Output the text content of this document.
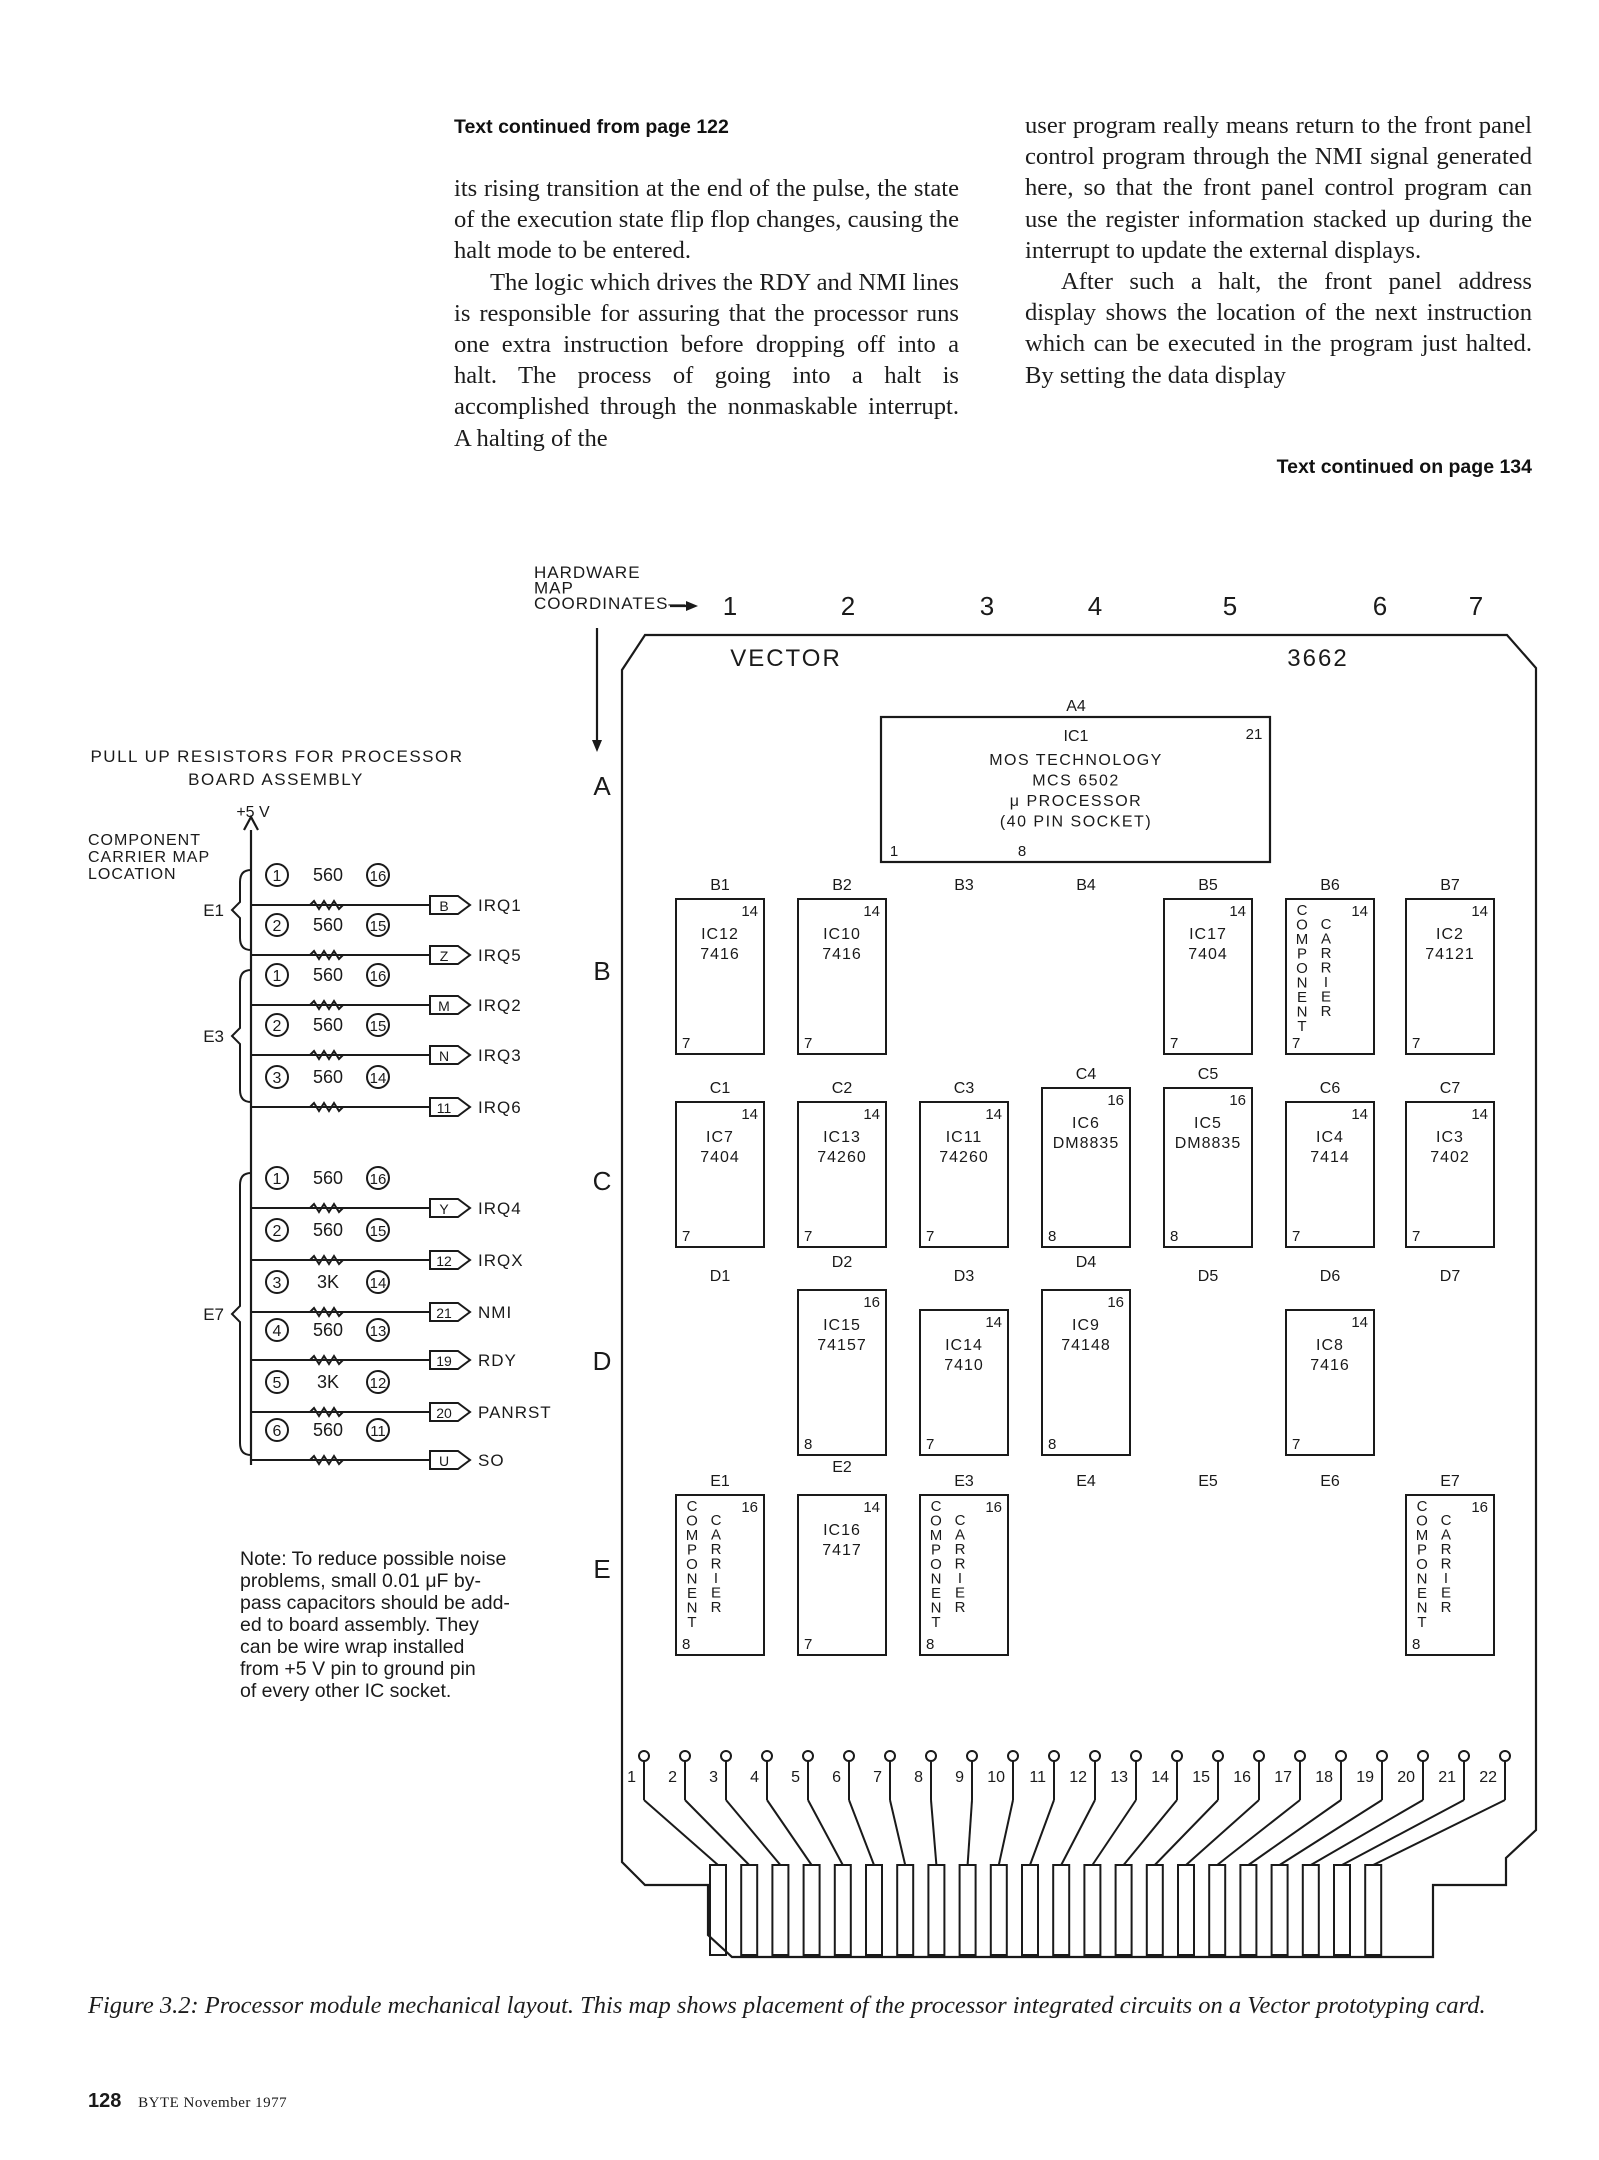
Text continued from page 122

its rising transition at the end of the pulse, the state of the execution state flip flop changes, causing the halt mode to be entered.

The logic which drives the RDY and NMI lines is responsible for assuring that the processor runs one extra instruction before dropping off into a halt. The process of going into a halt is accomplished through the nonmaskable interrupt. A halting of the

user program really means return to the front panel control program through the NMI signal generated here, so that the front panel control program can use the register information stacked up during the interrupt to update the external displays.

After such a halt, the front panel address display shows the location of the next instruction which can be executed in the program just halted. By setting the data display

Text continued on page 134
1	2	3	4	5	6	7
A
B
C
D
E
HARDWARE
MAP
COORDINATES—
VECTOR	3662
A4
IC1	21
MOS TECHNOLOGY
MCS 6502
μ PROCESSOR
(40 PIN SOCKET)
1	8
B1
14
7
IC12
7416
B2
14
7
IC10
7416
B5
14
7
IC17
7404
B7
14
7
IC2
74121
C1
14
7
IC7
7404
C2
14
7
IC13
74260
C3
14
7
IC11
74260
C4
16
8
IC6
DM8835
C5
16
8
IC5
DM8835
C6
14
7
IC4
7414
C7
14
7
IC3
7402
D2
16
8
IC15
74157
D3
14
7
IC14
7410
D4
16
8
IC9
74148
D6
14
7
IC8
7416
E2
14
7
IC16
7417
B6
14
7
C
O
M
P
O
N
E
N
T
C
A
R
R
I
E
R
E1
16
8
C
O
M
P
O
N
E
N
T
C
A
R
R
I
E
R
E3
16
8
C
O
M
P
O
N
E
N
T
C
A
R
R
I
E
R
E7
16
8
C
O
M
P
O
N
E
N
T
C
A
R
R
I
E
R
B3	B4
D1	D5	D7
E4	E5	E6
1 2 3 4 5 6 7 8 9 10 11 12 13 14 15 16 17 18 19 20 21 22
PULL UP RESISTORS FOR PROCESSOR
BOARD ASSEMBLY
+5 V
COMPONENT
CARRIER MAP
LOCATION
E1
1 560 16
B IRQ1
2 560 15
Z IRQ5
E3
1 560 16
M IRQ2
2 560 15
N IRQ3
3 560 14
11 IRQ6
E7
1 560 16
Y IRQ4
2 560 15
12 IRQX
3 3K 14
21 NMI
4 560 13
19 RDY
5 3K 12
20 PANRST
6 560 11
U SO
Note: To reduce possible noise
problems, small 0.01 μF by-
pass capacitors should be add-
ed to board assembly. They
can be wire wrap installed
from +5 V pin to ground pin
of every other IC socket.
Figure 3.2: Processor module mechanical layout. This map shows placement of the processor integrated circuits on a Vector prototyping card.
128 BYTE November 1977
